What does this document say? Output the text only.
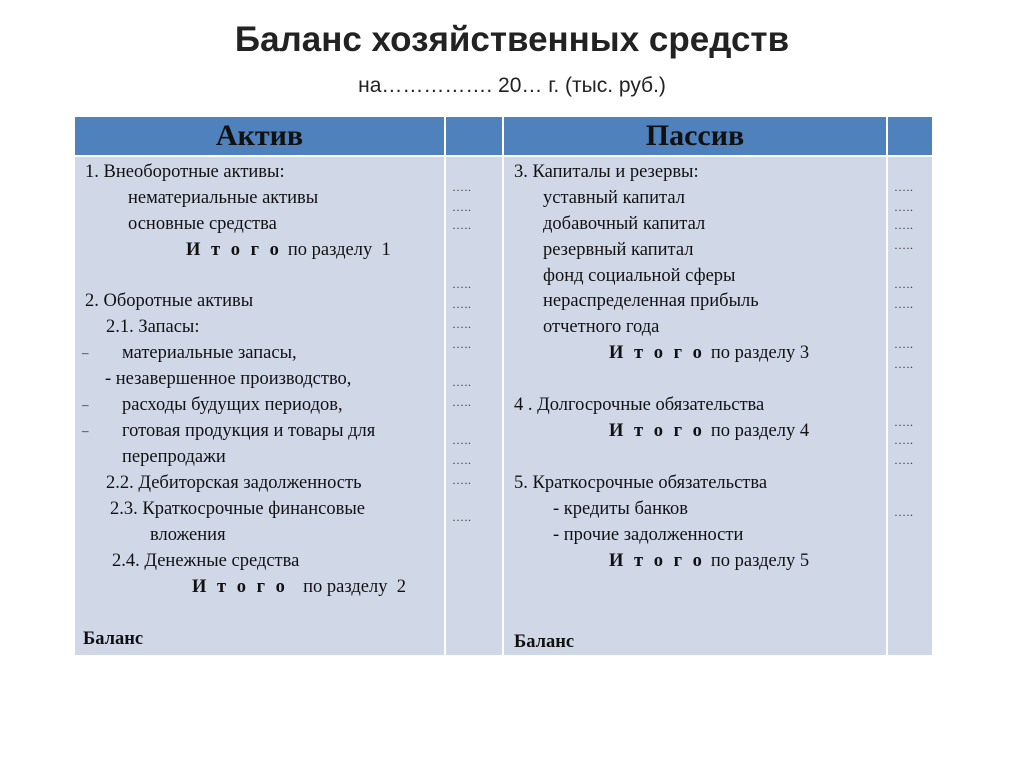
Баланс хозяйственных средств
на……………. 20… г. (тыс. руб.)
Актив	Пассив
1. Внеоборотные активы:
нематериальные активы
основные средства
И т о г о по разделу  1
2. Оборотные активы
2.1. Запасы:
материальные запасы,
- незавершенное производство,
расходы будущих периодов,
готовая продукция и товары для
перепродажи
2.2. Дебиторская задолженность
2.3. Краткосрочные финансовые
вложения
2.4. Денежные средства
И т о г о  по разделу  2
Баланс
3. Капиталы и резервы:
уставный капитал
добавочный капитал
резервный капитал
фонд социальной сферы
нераспределенная прибыль
отчетного года
И т о г о по разделу 3
4 . Долгосрочные обязательства
И т о г о по разделу 4
5. Краткосрочные обязательства
- кредиты банков
- прочие задолженности
И т о г о по разделу 5
Баланс
–
–
–
…..
…..
…..
…..
…..
…..
…..
…..
…..
…..
…..
…..
…..
…..
…..
…..
…..
…..
…..
…..
…..
…..
…..
…..
…..
